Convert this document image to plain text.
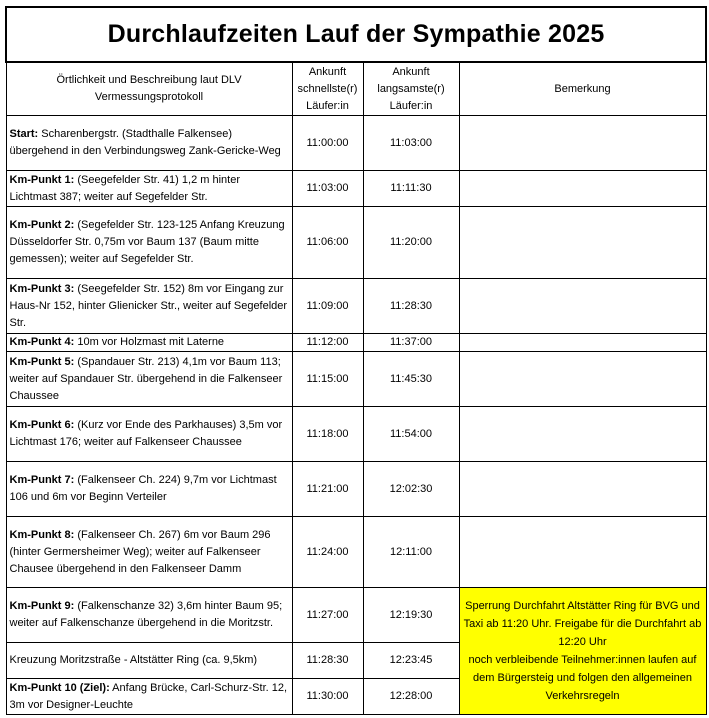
Durchlaufzeiten Lauf der Sympathie 2025			
Örtlichkeit und Beschreibung laut DLV Vermessungsprotokoll	Ankunft schnellste(r) Läufer:in	Ankunft langsamste(r) Läufer:in	Bemerkung
Start: Scharenbergstr. (Stadthalle Falkensee) übergehend in den Verbindungsweg Zank-Gericke-Weg	11:00:00	11:03:00	
Km-Punkt 1: (Seegefelder Str. 41) 1,2 m hinter Lichtmast 387; weiter auf Segefelder Str.	11:03:00	11:11:30	
Km-Punkt 2: (Segefelder Str. 123-125 Anfang Kreuzung Düsseldorfer Str. 0,75m vor Baum 137 (Baum mitte gemessen); weiter auf Segefelder Str.	11:06:00	11:20:00	
Km-Punkt 3: (Seegefelder Str. 152) 8m vor Eingang zur Haus-Nr 152, hinter Glienicker Str., weiter auf Segefelder Str.	11:09:00	11:28:30	
Km-Punkt 4: 10m vor Holzmast mit Laterne	11:12:00	11:37:00	
Km-Punkt 5: (Spandauer Str. 213) 4,1m vor Baum 113; weiter auf Spandauer Str. übergehend in die Falkenseer Chaussee	11:15:00	11:45:30	
Km-Punkt 6: (Kurz vor Ende des Parkhauses) 3,5m vor Lichtmast 176; weiter auf Falkenseer Chaussee	11:18:00	11:54:00	
Km-Punkt 7: (Falkenseer Ch. 224) 9,7m vor Lichtmast 106 und 6m vor Beginn Verteiler	11:21:00	12:02:30	
Km-Punkt 8: (Falkenseer Ch. 267) 6m vor Baum 296 (hinter Germersheimer Weg); weiter auf Falkenseer Chausee übergehend in den Falkenseer Damm	11:24:00	12:11:00	
Km-Punkt 9: (Falkenschanze 32) 3,6m hinter Baum 95; weiter auf Falkenschanze übergehend in die Moritzstr.	11:27:00	12:19:30	Sperrung Durchfahrt Altstätter Ring für BVG und Taxi ab 11:20 Uhr. Freigabe für die Durchfahrt ab 12:20 Uhr
noch verbleibende Teilnehmer:innen laufen auf dem Bürgersteig und folgen den allgemeinen Verkehrsregeln
Kreuzung Moritzstraße - Altstätter Ring (ca. 9,5km)	11:28:30	12:23:45	
Km-Punkt 10 (Ziel): Anfang Brücke, Carl-Schurz-Str. 12, 3m vor Designer-Leuchte	11:30:00	12:28:00	
